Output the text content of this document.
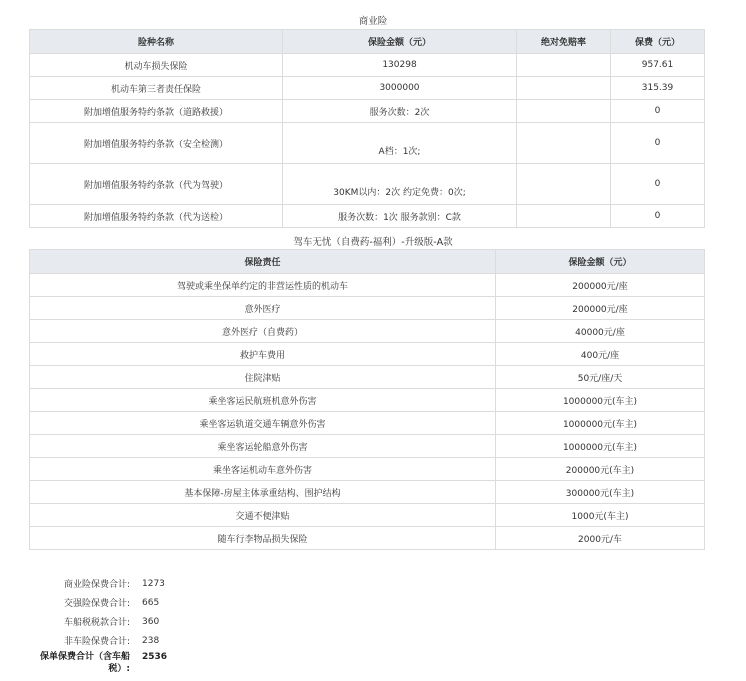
商业险
险种名称	保险金额（元）	绝对免赔率	保费（元）
机动车损失保险	130298		957.61
机动车第三者责任保险	3000000		315.39
附加增值服务特约条款（道路救援）	服务次数：2次		0
附加增值服务特约条款（安全检测）	A档：1次;		0
附加增值服务特约条款（代为驾驶）	30KM以内：2次 约定免费：0次;		0
附加增值服务特约条款（代为送检）	服务次数：1次 服务款别：C款		0
驾车无忧（自费药-福利）-升级版-A款
保险责任	保险金额（元）
驾驶或乘坐保单约定的非营运性质的机动车	200000元/座
意外医疗	200000元/座
意外医疗（自费药）	40000元/座
救护车费用	400元/座
住院津贴	50元/座/天
乘坐客运民航班机意外伤害	1000000元(车主)
乘坐客运轨道交通车辆意外伤害	1000000元(车主)
乘坐客运轮船意外伤害	1000000元(车主)
乘坐客运机动车意外伤害	200000元(车主)
基本保障-房屋主体承重结构、围护结构	300000元(车主)
交通不便津贴	1000元(车主)
随车行李物品损失保险	2000元/车
商业险保费合计:	1273
交强险保费合计:	665
车船税税款合计:	360
非车险保费合计:	238
保单保费合计（含车船税）:
2536
